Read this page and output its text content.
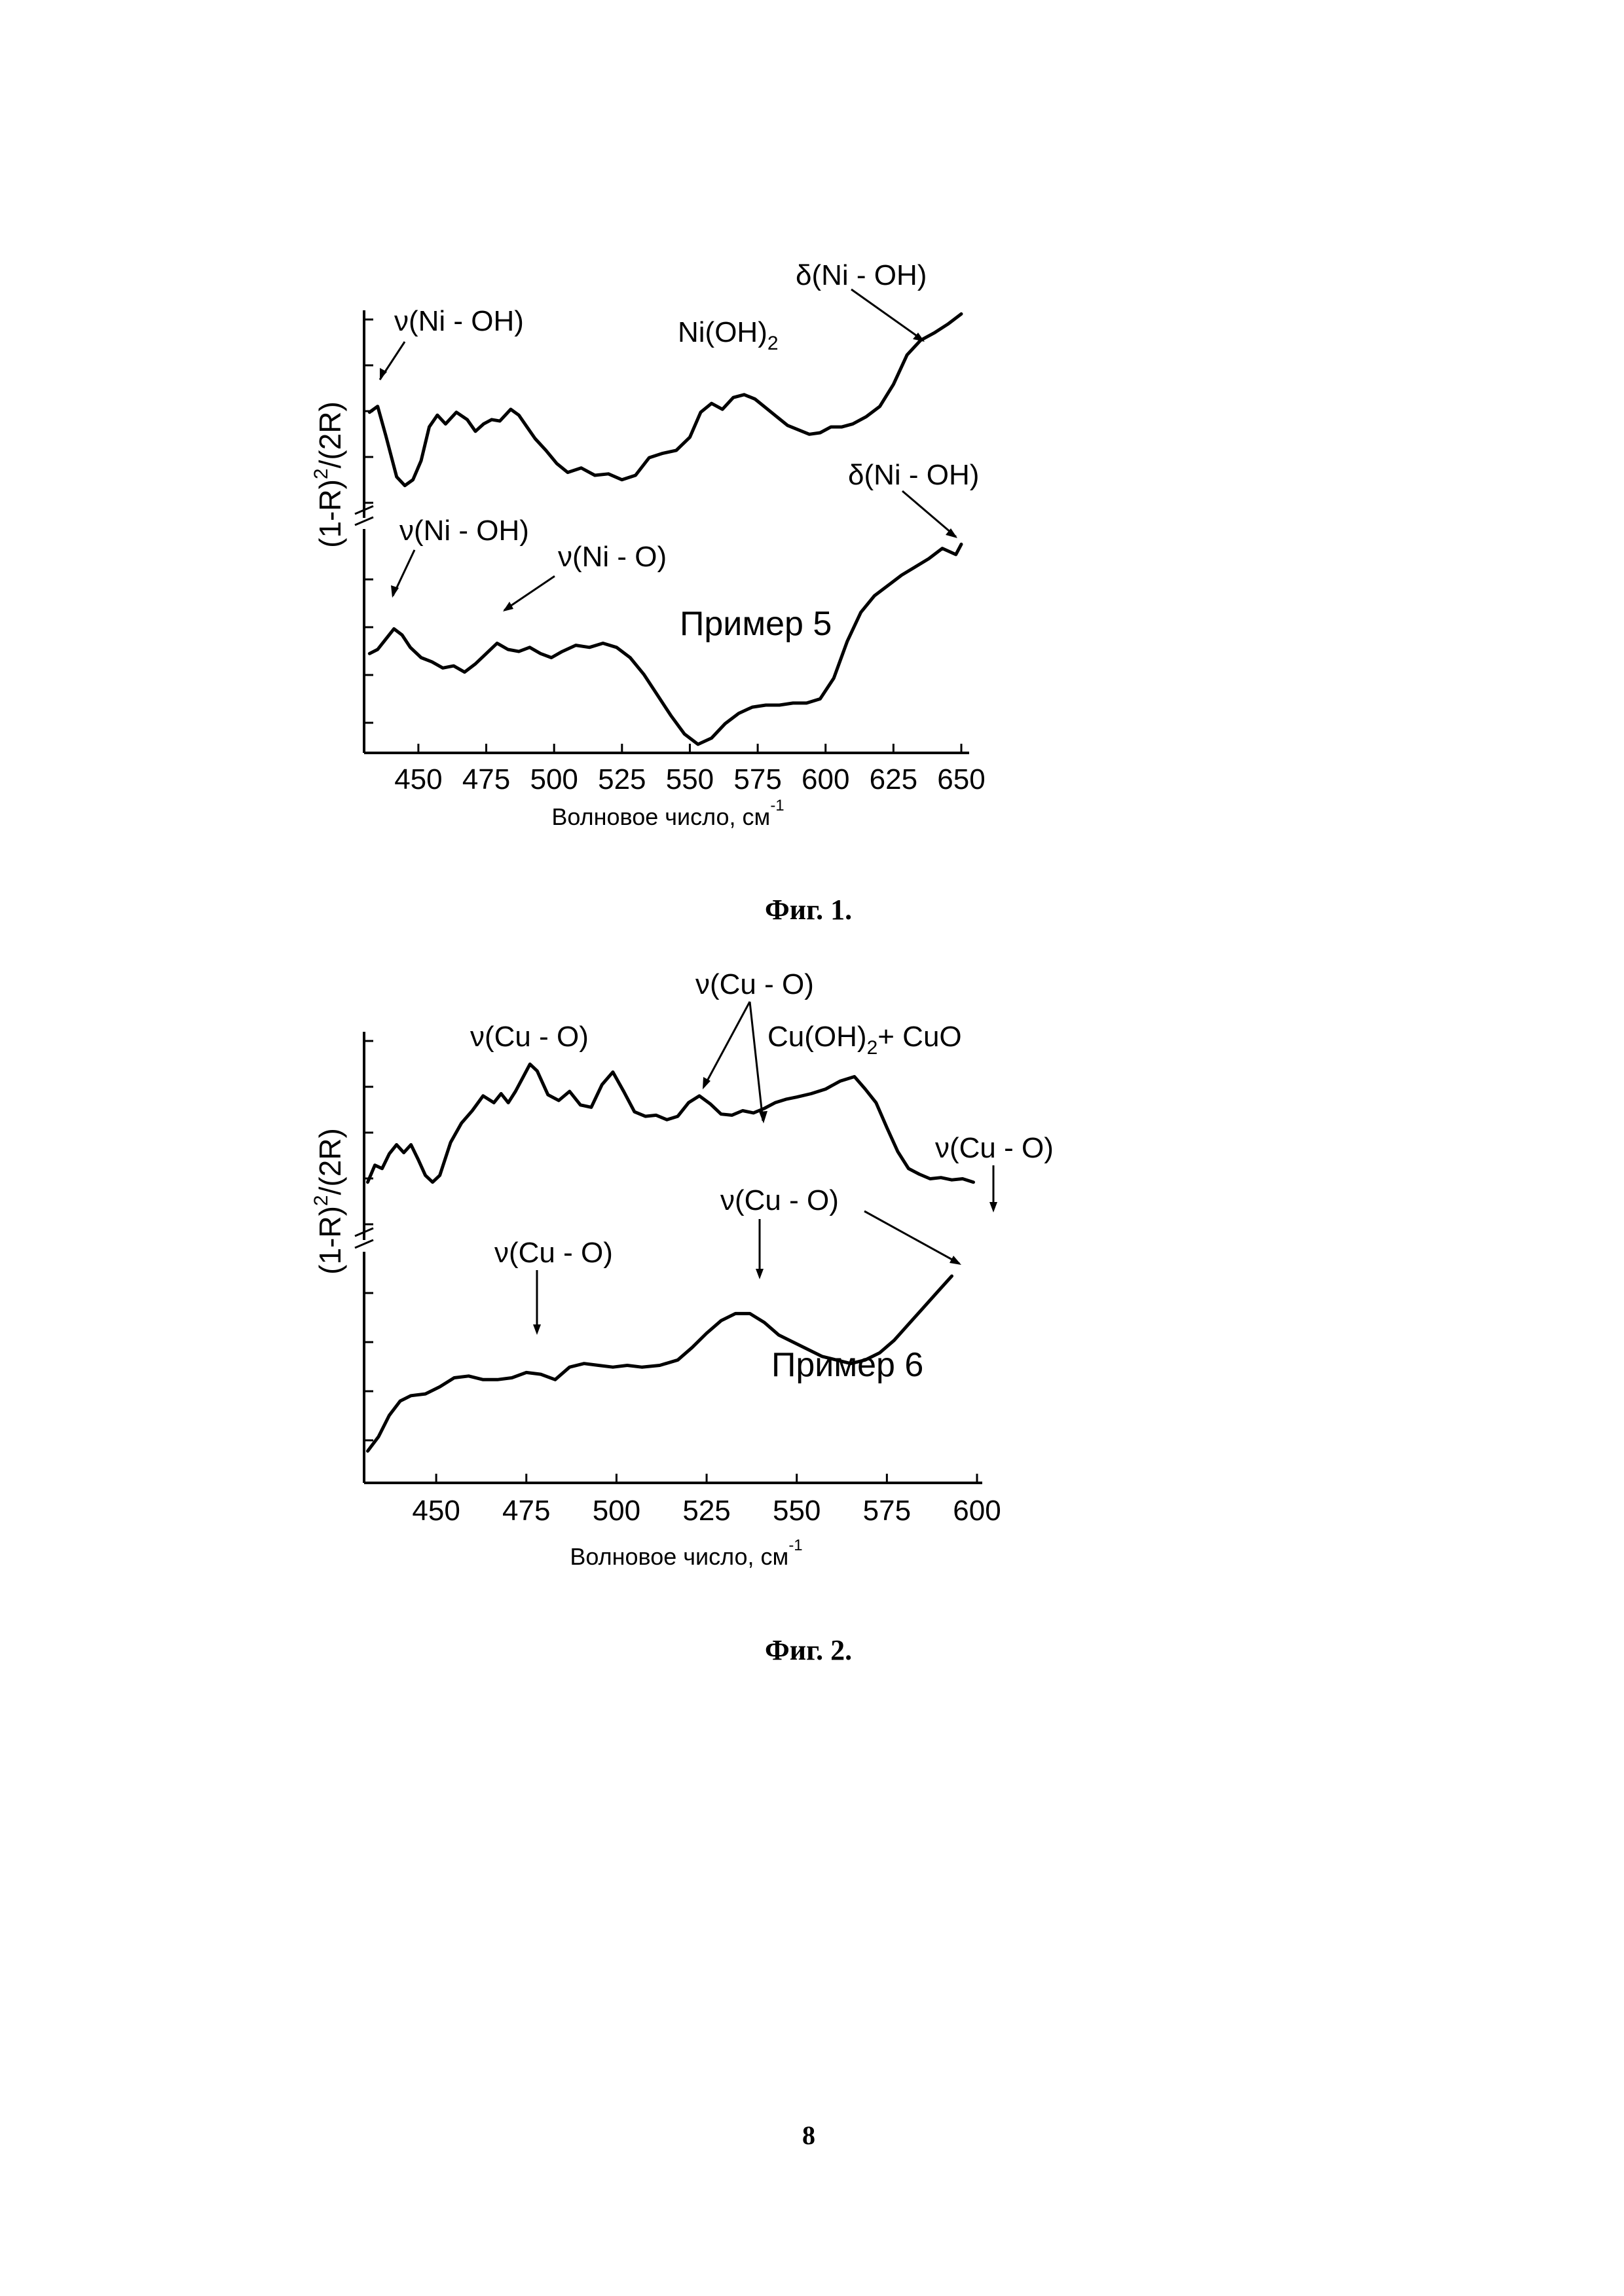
450 475 500 525 550 575 600 625 650
Волновое число, $см^{-1}$
$(1-R)^2/(2R)$
ν(Ni - OH)	$Ni(OH)_2$
δ(Ni - OH)
δ(Ni - OH)
ν(Ni - OH)
ν(Ni - O)
Пример 5
Фиг. 1.
450 475 500 525 550 575 600
Волновое число, $см^{-1}$
$(1-R)^2/(2R)$
ν(Cu - O)
ν(Cu - O)
$Cu(OH)_2+$ CuO
ν(Cu - O)
ν(Cu - O)
ν(Cu - O)
Пример 6
Фиг. 2.
8
